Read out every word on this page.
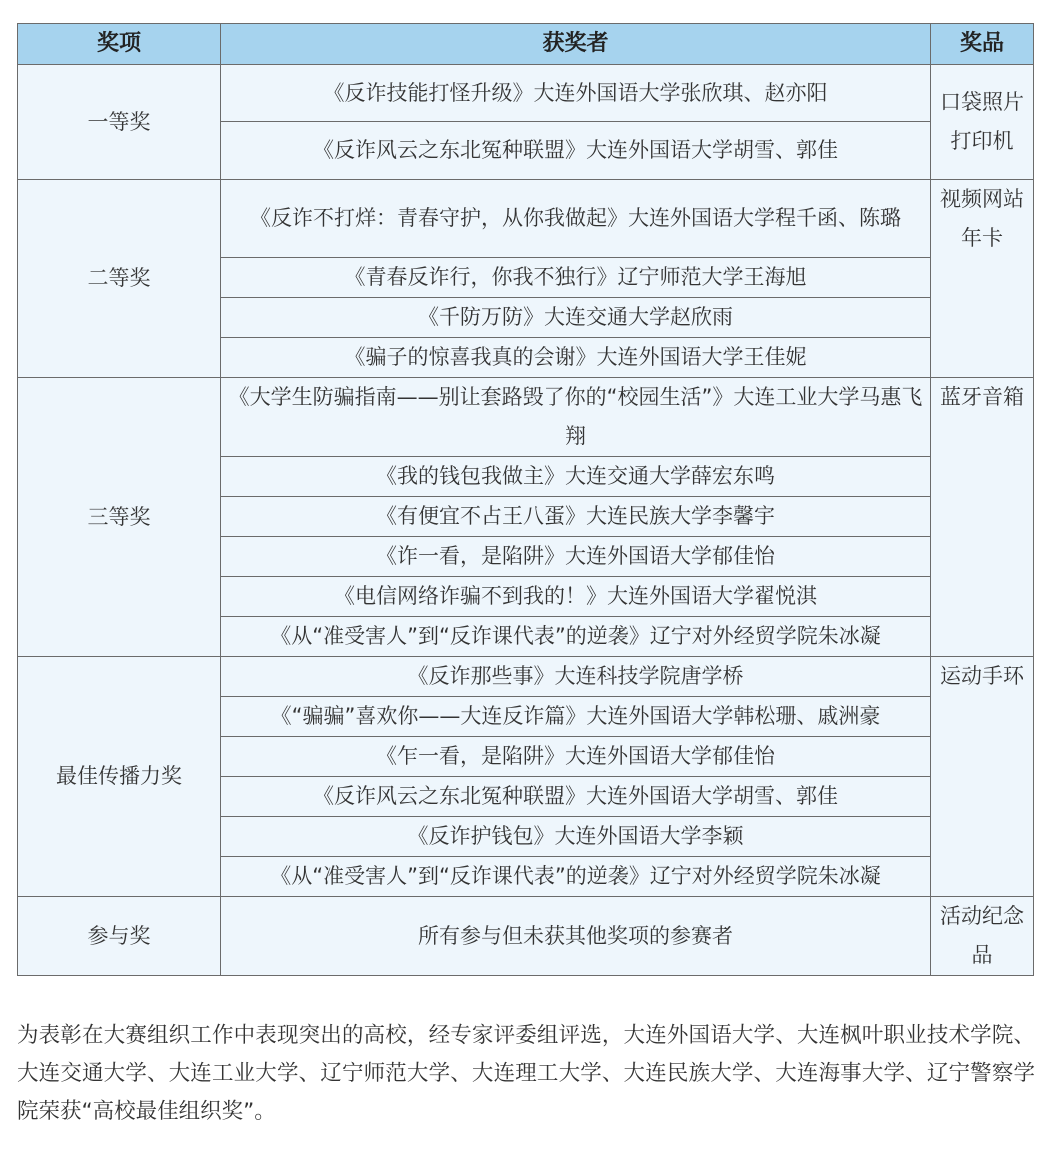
奖项	获奖者	奖品
一等奖	《反诈技能打怪升级》大连外国语大学张欣琪、赵亦阳	口袋照片打印机
	《反诈风云之东北冤种联盟》大连外国语大学胡雪、郭佳	
二等奖	《反诈不打烊：青春守护，从你我做起》大连外国语大学程千函、陈璐	视频网站年卡
	《青春反诈行，你我不独行》辽宁师范大学王海旭	
	《千防万防》大连交通大学赵欣雨	
	《骗子的惊喜我真的会谢》大连外国语大学王佳妮	
三等奖	《大学生防骗指南——别让套路毁了你的“校园生活”》大连工业大学马惠飞翔	蓝牙音箱
	《我的钱包我做主》大连交通大学薛宏东鸣	
	《有便宜不占王八蛋》大连民族大学李馨宇	
	《诈一看，是陷阱》大连外国语大学郁佳怡	
	《电信网络诈骗不到我的！》大连外国语大学翟悦淇	
	《从“准受害人”到“反诈课代表”的逆袭》辽宁对外经贸学院朱冰凝	
最佳传播力奖	《反诈那些事》大连科技学院唐学桥	运动手环
	《“骗骗”喜欢你——大连反诈篇》大连外国语大学韩松珊、戚洲豪	
	《乍一看，是陷阱》大连外国语大学郁佳怡	
	《反诈风云之东北冤种联盟》大连外国语大学胡雪、郭佳	
	《反诈护钱包》大连外国语大学李颖	
	《从“准受害人”到“反诈课代表”的逆袭》辽宁对外经贸学院朱冰凝	
参与奖	所有参与但未获其他奖项的参赛者	活动纪念品

为表彰在大赛组织工作中表现突出的高校，经专家评委组评选，大连外国语大学、大连枫叶职业技术学院、大连交通大学、大连工业大学、辽宁师范大学、大连理工大学、大连民族大学、大连海事大学、辽宁警察学院荣获“高校最佳组织奖”。
